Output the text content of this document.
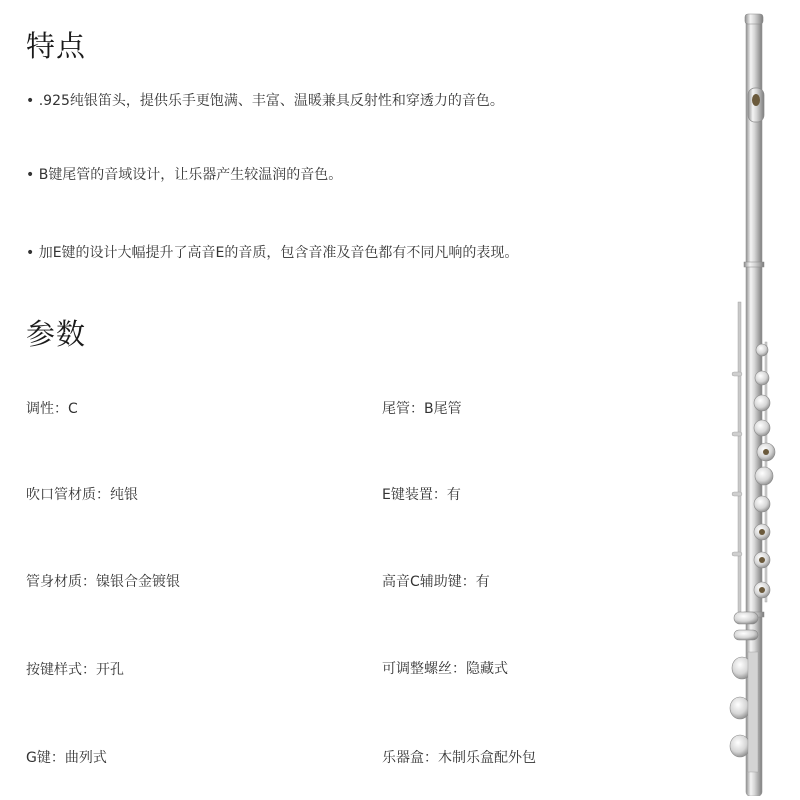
特点

• .925纯银笛头，提供乐手更饱满、丰富、温暖兼具反射性和穿透力的音色。

• B键尾管的音域设计，让乐器产生较温润的音色。

• 加E键的设计大幅提升了高音E的音质，包含音准及音色都有不同凡响的表现。

参数

调性：C

吹口管材质：纯银

管身材质：镍银合金镀银

按键样式：开孔

G键：曲列式

尾管：B尾管

E键装置：有

高音C辅助键：有

可调整螺丝：隐藏式

乐器盒：木制乐盒配外包
